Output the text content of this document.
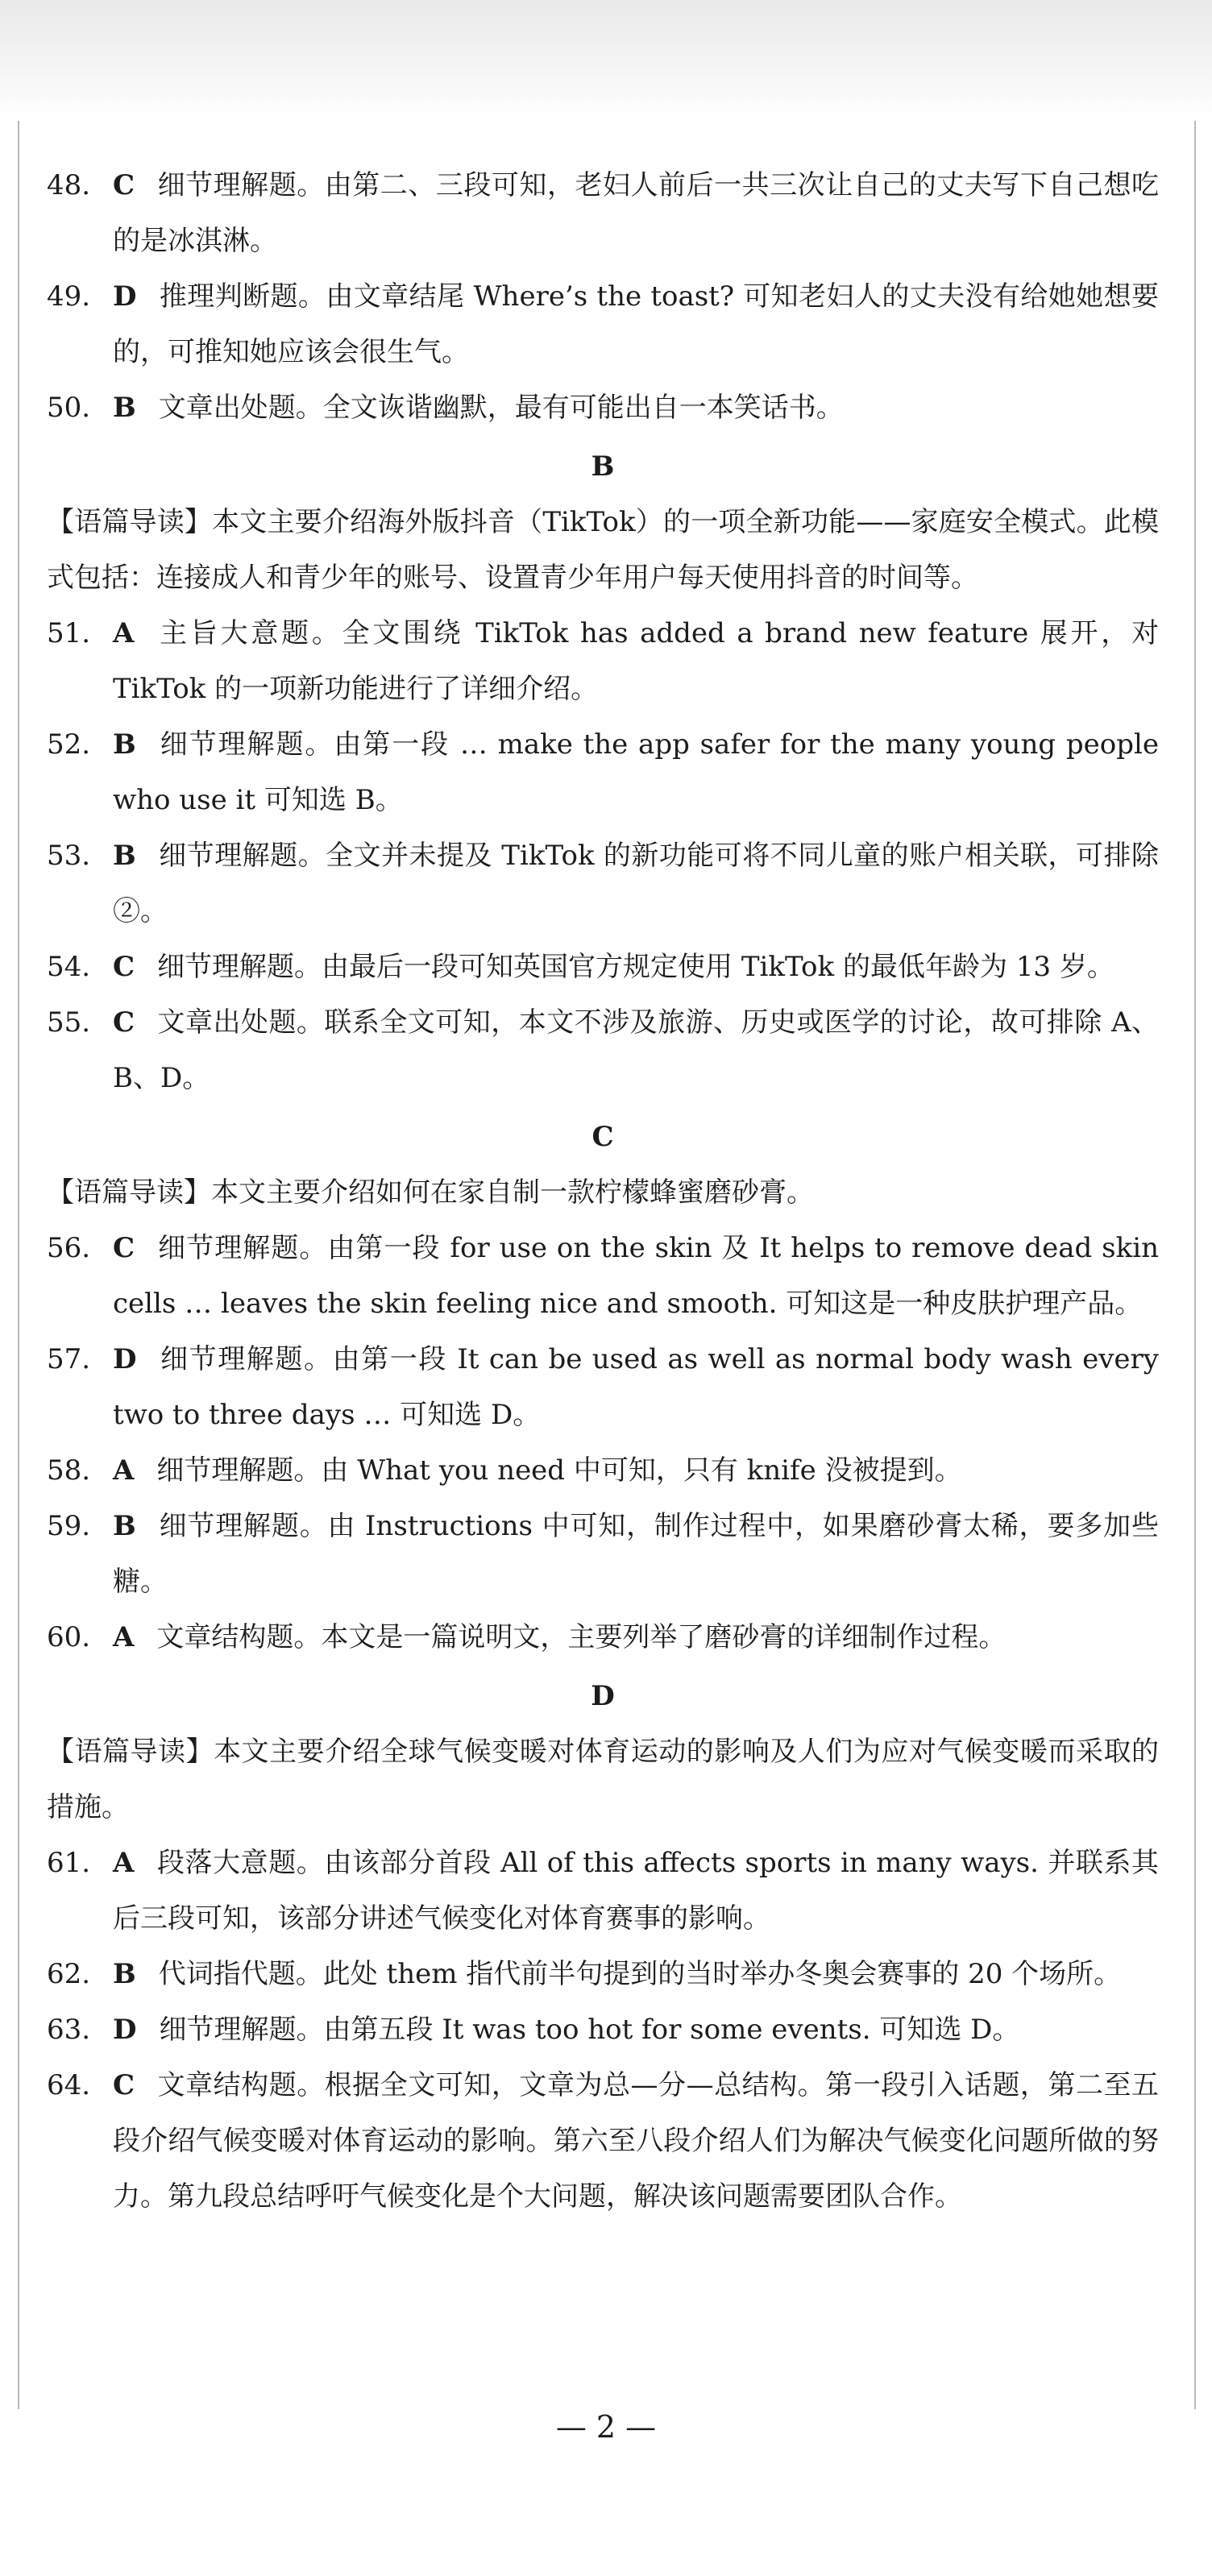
48. C 细节理解题。由第二、三段可知，老妇人前后一共三次让自己的丈夫写下自己想吃的是冰淇淋。
49. D 推理判断题。由文章结尾 Where’s the toast? 可知老妇人的丈夫没有给她她想要的，可推知她应该会很生气。
50. B 文章出处题。全文诙谐幽默，最有可能出自一本笑话书。
B
【语篇导读】本文主要介绍海外版抖音（TikTok）的一项全新功能——家庭安全模式。此模式包括：连接成人和青少年的账号、设置青少年用户每天使用抖音的时间等。
51. A 主旨大意题。全文围绕 TikTok has added a brand new feature 展开，对 TikTok 的一项新功能进行了详细介绍。
52. B 细节理解题。由第一段 … make the app safer for the many young people who use it 可知选 B。
53. B 细节理解题。全文并未提及 TikTok 的新功能可将不同儿童的账户相关联，可排除②。
54. C 细节理解题。由最后一段可知英国官方规定使用 TikTok 的最低年龄为 13 岁。
55. C 文章出处题。联系全文可知，本文不涉及旅游、历史或医学的讨论，故可排除 A、B、D。
C
【语篇导读】本文主要介绍如何在家自制一款柠檬蜂蜜磨砂膏。
56. C 细节理解题。由第一段 for use on the skin 及 It helps to remove dead skin cells … leaves the skin feeling nice and smooth. 可知这是一种皮肤护理产品。
57. D 细节理解题。由第一段 It can be used as well as normal body wash every two to three days … 可知选 D。
58. A 细节理解题。由 What you need 中可知，只有 knife 没被提到。
59. B 细节理解题。由 Instructions 中可知，制作过程中，如果磨砂膏太稀，要多加些糖。
60. A 文章结构题。本文是一篇说明文，主要列举了磨砂膏的详细制作过程。
D
【语篇导读】本文主要介绍全球气候变暖对体育运动的影响及人们为应对气候变暖而采取的措施。
61. A 段落大意题。由该部分首段 All of this affects sports in many ways. 并联系其后三段可知，该部分讲述气候变化对体育赛事的影响。
62. B 代词指代题。此处 them 指代前半句提到的当时举办冬奥会赛事的 20 个场所。
63. D 细节理解题。由第五段 It was too hot for some events. 可知选 D。
64. C 文章结构题。根据全文可知，文章为总—分—总结构。第一段引入话题，第二至五段介绍气候变暖对体育运动的影响。第六至八段介绍人们为解决气候变化问题所做的努力。第九段总结呼吁气候变化是个大问题，解决该问题需要团队合作。
— 2 —
